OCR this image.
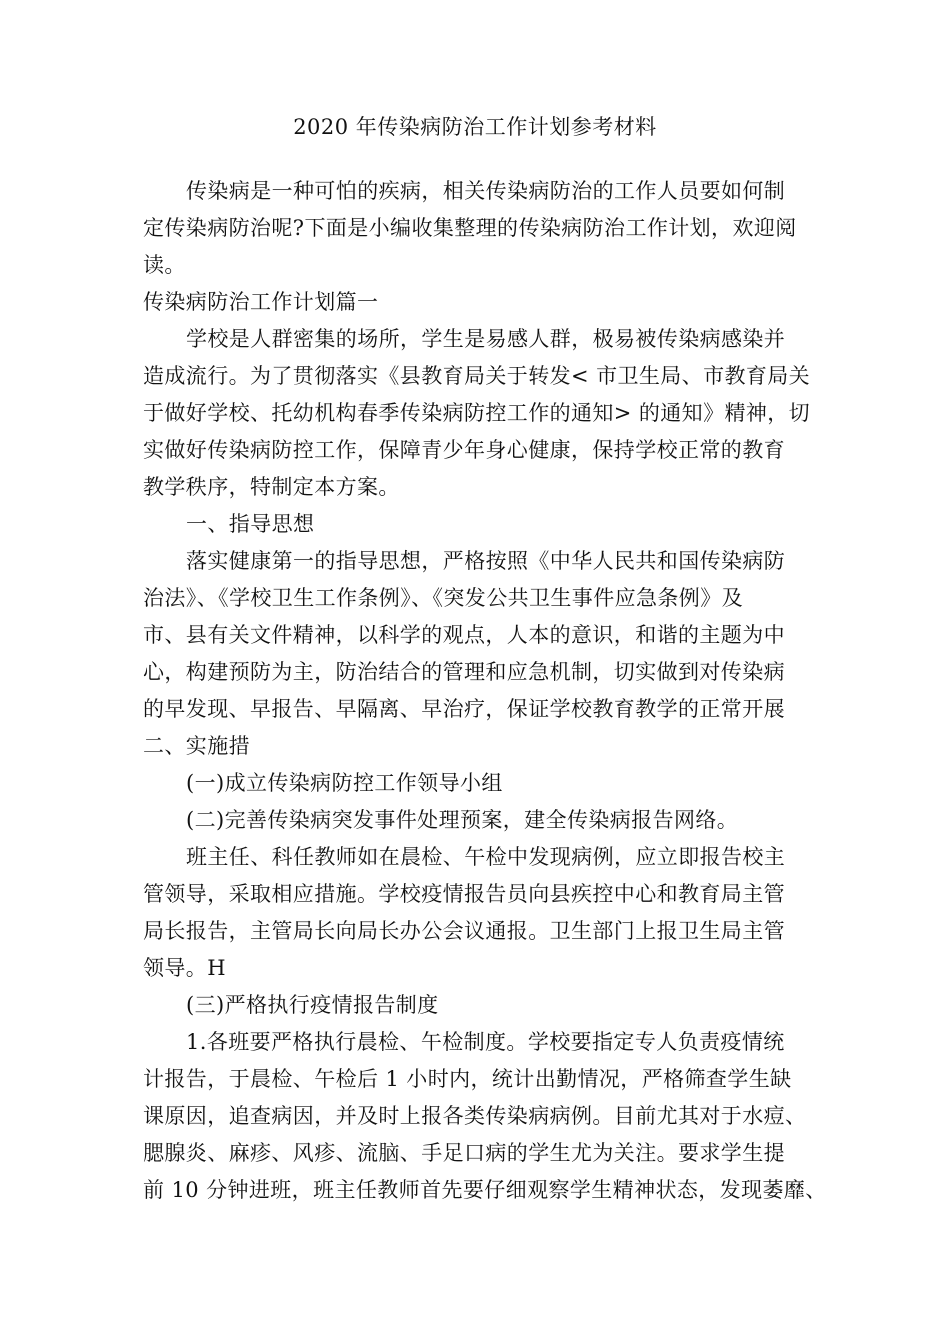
2020 年传染病防治工作计划参考材料
传染病是一种可怕的疾病，相关传染病防治的工作人员要如何制
定传染病防治呢?下面是小编收集整理的传染病防治工作计划，欢迎阅
读。
传染病防治工作计划篇一
学校是人群密集的场所，学生是易感人群，极易被传染病感染并
造成流行。为了贯彻落实《县教育局关于转发< 市卫生局、市教育局关
于做好学校、托幼机构春季传染病防控工作的通知> 的通知》精神，切
实做好传染病防控工作，保障青少年身心健康，保持学校正常的教育
教学秩序，特制定本方案。
一、指导思想
落实健康第一的指导思想，严格按照《中华人民共和国传染病防
治法》、《学校卫生工作条例》、《突发公共卫生事件应急条例》及
市、县有关文件精神，以科学的观点，人本的意识，和谐的主题为中
心，构建预防为主，防治结合的管理和应急机制，切实做到对传染病
的早发现、早报告、早隔离、早治疗，保证学校教育教学的正常开展
二、实施措
(一)成立传染病防控工作领导小组
(二)完善传染病突发事件处理预案，建全传染病报告网络。
班主任、科任教师如在晨检、午检中发现病例，应立即报告校主
管领导，采取相应措施。学校疫情报告员向县疾控中心和教育局主管
局长报告，主管局长向局长办公会议通报。卫生部门上报卫生局主管
领导。H
(三)严格执行疫情报告制度
1.各班要严格执行晨检、午检制度。学校要指定专人负责疫情统
计报告，于晨检、午检后 1 小时内，统计出勤情况，严格筛查学生缺
课原因，追查病因，并及时上报各类传染病病例。目前尤其对于水痘、
腮腺炎、麻疹、风疹、流脑、手足口病的学生尤为关注。要求学生提
前 10 分钟进班，班主任教师首先要仔细观察学生精神状态，发现萎靡、
